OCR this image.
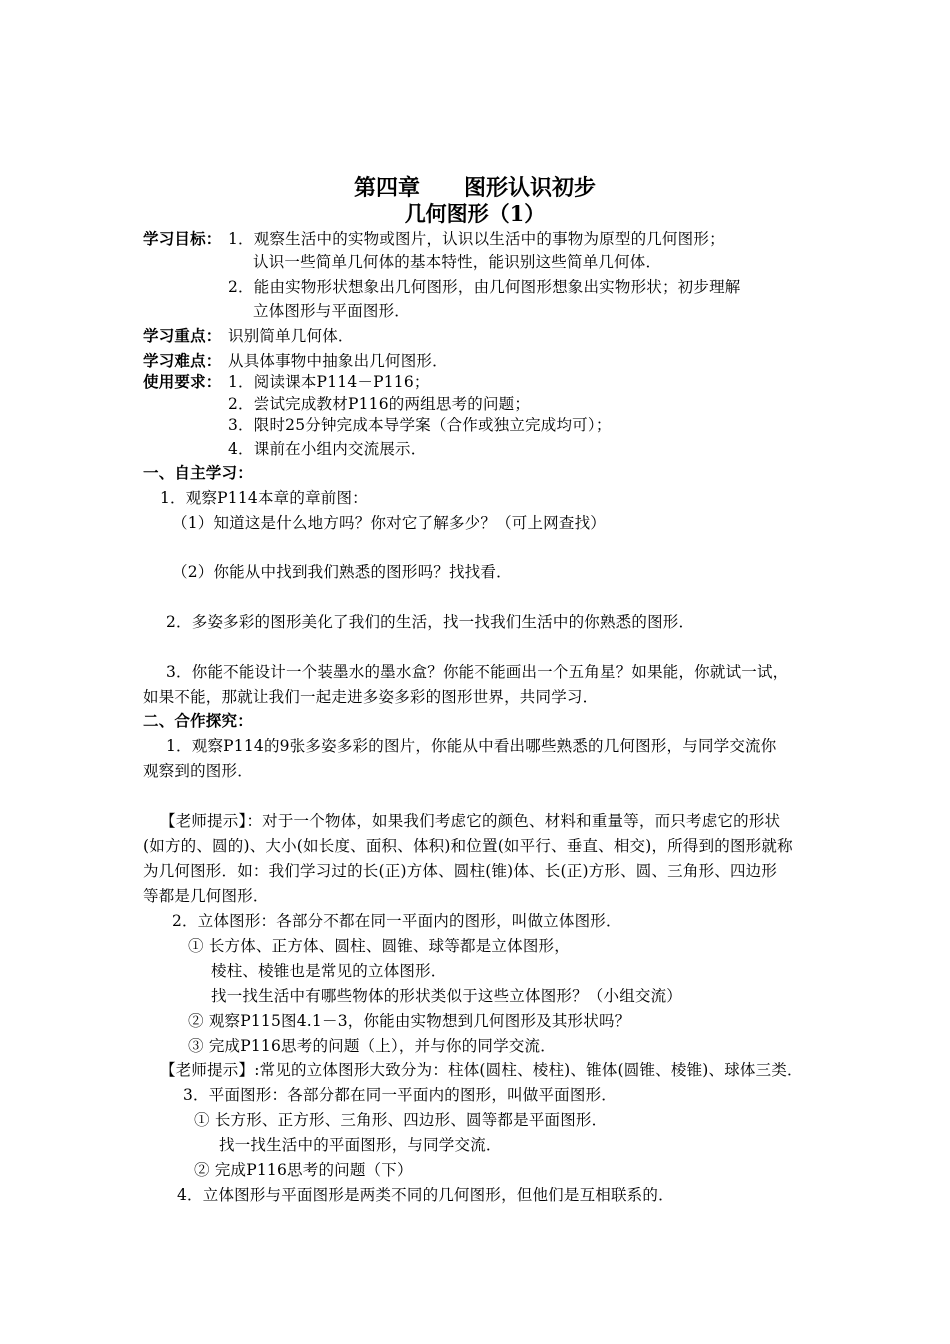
第四章 图形认识初步
几何图形（1）
学习目标： 1．观察生活中的实物或图片，认识以生活中的事物为原型的几何图形；
认识一些简单几何体的基本特性，能识别这些简单几何体．
2．能由实物形状想象出几何图形，由几何图形想象出实物形状；初步理解
立体图形与平面图形．
学习重点： 识别简单几何体．
学习难点： 从具体事物中抽象出几何图形．
使用要求： 1．阅读课本P114－P116；
2．尝试完成教材P116的两组思考的问题；
3．限时25分钟完成本导学案（合作或独立完成均可）；
4．课前在小组内交流展示．
一、自主学习：
1．观察P114本章的章前图：
（1）知道这是什么地方吗？你对它了解多少？（可上网查找）
（2）你能从中找到我们熟悉的图形吗？找找看．
2．多姿多彩的图形美化了我们的生活，找一找我们生活中的你熟悉的图形．
3．你能不能设计一个装墨水的墨水盒？你能不能画出一个五角星？如果能，你就试一试，
如果不能，那就让我们一起走进多姿多彩的图形世界，共同学习．
二、合作探究：
1．观察P114的9张多姿多彩的图片，你能从中看出哪些熟悉的几何图形，与同学交流你
观察到的图形．
【老师提示】：对于一个物体，如果我们考虑它的颜色、材料和重量等，而只考虑它的形状
(如方的、圆的)、大小(如长度、面积、体积)和位置(如平行、垂直、相交)，所得到的图形就称
为几何图形．如：我们学习过的长(正)方体、圆柱(锥)体、长(正)方形、圆、三角形、四边形
等都是几何图形．
2．立体图形：各部分不都在同一平面内的图形，叫做立体图形．
① 长方体、正方体、圆柱、圆锥、球等都是立体图形，
棱柱、棱锥也是常见的立体图形．
找一找生活中有哪些物体的形状类似于这些立体图形？（小组交流）
② 观察P115图4.1－3，你能由实物想到几何图形及其形状吗？
③ 完成P116思考的问题（上），并与你的同学交流．
【老师提示】:常见的立体图形大致分为：柱体(圆柱、棱柱)、锥体(圆锥、棱锥)、球体三类．
3．平面图形：各部分都在同一平面内的图形，叫做平面图形．
① 长方形、正方形、三角形、四边形、圆等都是平面图形．
找一找生活中的平面图形，与同学交流．
② 完成P116思考的问题（下）
4．立体图形与平面图形是两类不同的几何图形，但他们是互相联系的．
